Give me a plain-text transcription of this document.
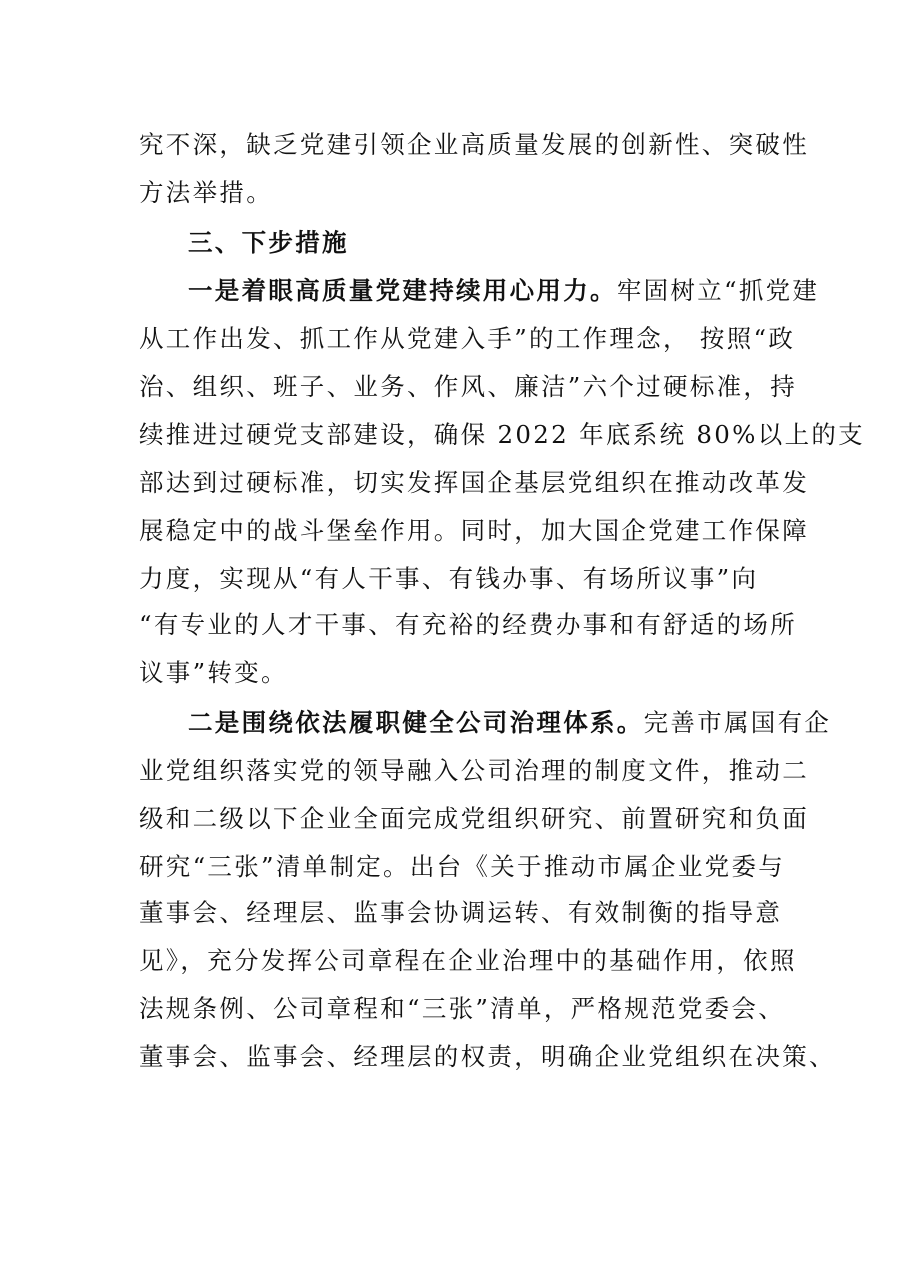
究不深，缺乏党建引领企业高质量发展的创新性、突破性
方法举措。
三、下步措施
一是着眼高质量党建持续用心用力。牢固树立“抓党建
从工作出发、抓工作从党建入手”的工作理念， 按照“政
治、组织、班子、业务、作风、廉洁”六个过硬标准，持
续推进过硬党支部建设，确保 2022 年底系统 80%以上的支
部达到过硬标准，切实发挥国企基层党组织在推动改革发
展稳定中的战斗堡垒作用。同时，加大国企党建工作保障
力度，实现从“有人干事、有钱办事、有场所议事”向
“有专业的人才干事、有充裕的经费办事和有舒适的场所
议事”转变。
二是围绕依法履职健全公司治理体系。完善市属国有企
业党组织落实党的领导融入公司治理的制度文件，推动二
级和二级以下企业全面完成党组织研究、前置研究和负面
研究“三张”清单制定。出台《关于推动市属企业党委与
董事会、经理层、监事会协调运转、有效制衡的指导意
见》，充分发挥公司章程在企业治理中的基础作用，依照
法规条例、公司章程和“三张”清单，严格规范党委会、
董事会、监事会、经理层的权责，明确企业党组织在决策、
